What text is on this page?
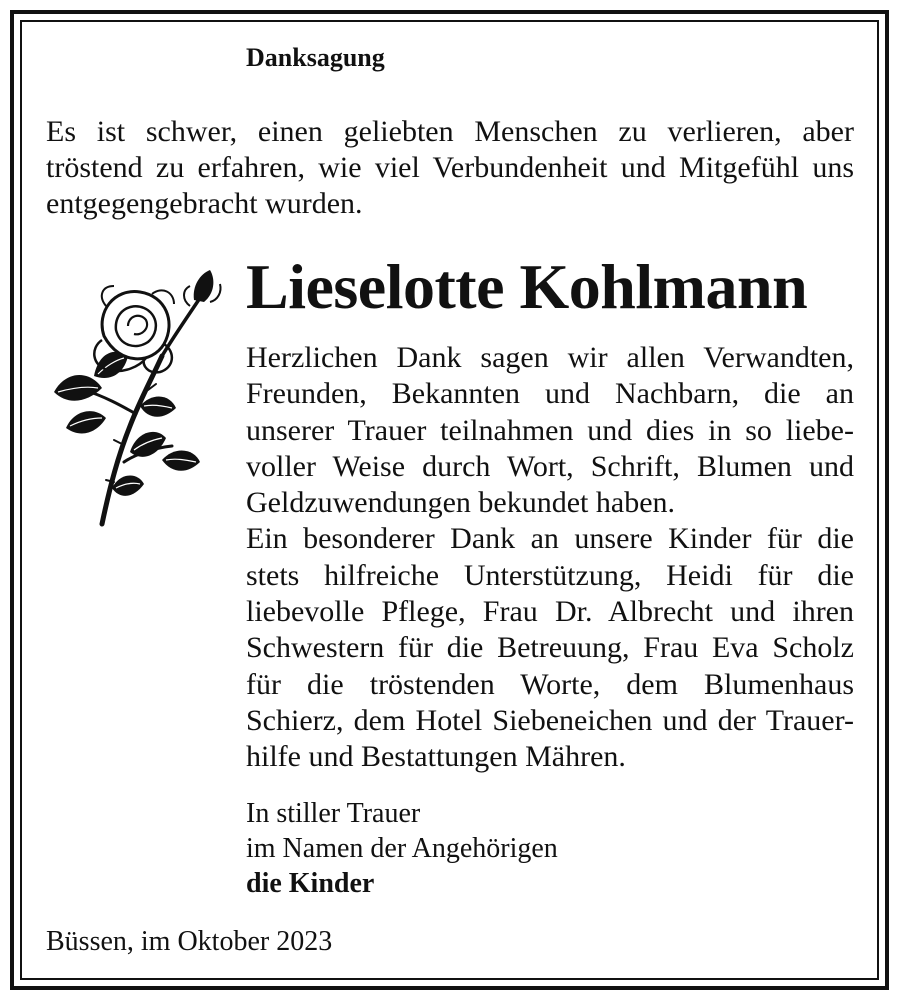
Danksagung
Es ist schwer, einen geliebten Menschen zu verlieren, aber
tröstend zu erfahren, wie viel Verbundenheit und Mitgefühl uns
entgegengebracht wurden.
Lieselotte Kohlmann
Herzlichen Dank sagen wir allen Verwandten,
Freunden, Bekannten und Nachbarn, die an
unserer Trauer teilnahmen und dies in so liebe-
voller Weise durch Wort, Schrift, Blumen und
Geldzuwendungen bekundet haben.
Ein besonderer Dank an unsere Kinder für die
stets hilfreiche Unterstützung, Heidi für die
liebevolle Pflege, Frau Dr. Albrecht und ihren
Schwestern für die Betreuung, Frau Eva Scholz
für die tröstenden Worte, dem Blumenhaus
Schierz, dem Hotel Siebeneichen und der Trauer-
hilfe und Bestattungen Mähren.
In stiller Trauer
im Namen der Angehörigen
die Kinder
Büssen, im Oktober 2023
